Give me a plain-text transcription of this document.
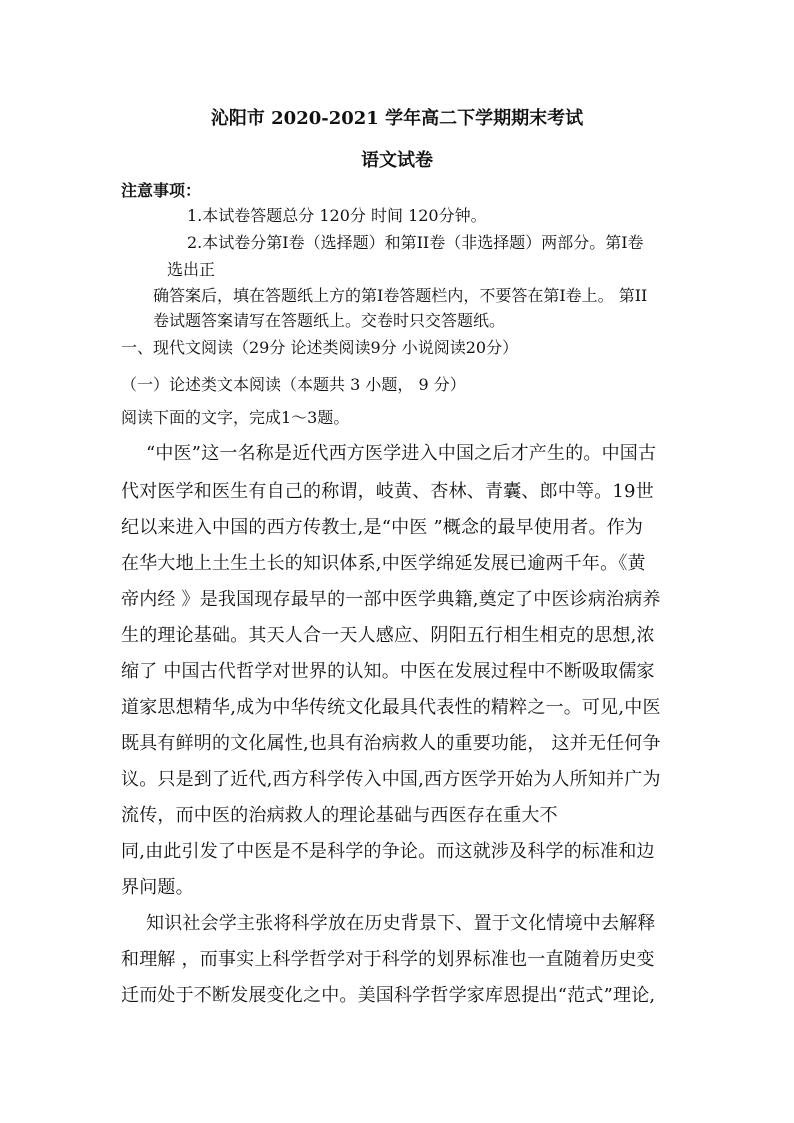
沁阳市 2020-2021 学年高二下学期期末考试
语文试卷
注意事项：
1.本试卷答题总分 120分 时间 120分钟。
2.本试卷分第Ⅰ卷（选择题）和第II卷（非选择题）两部分。第Ⅰ卷
选出正
确答案后，填在答题纸上方的第Ⅰ卷答题栏内，不要答在第Ⅰ卷上。 第II
卷试题答案请写在答题纸上。交卷时只交答题纸。
一、现代文阅读（29分 论述类阅读9分 小说阅读20分）
（一）论述类文本阅读（本题共 3 小题， 9 分）
阅读下面的文字，完成1～3题。
“中医”这一名称是近代西方医学进入中国之后才产生的。中国古
代对医学和医生有自己的称谓，岐黄、杏林、青囊、郎中等。19世
纪以来进入中国的西方传教士,是“中医 ”概念的最早使用者。作为
在华大地上土生土长的知识体系,中医学绵延发展已逾两千年。《黄
帝内经 》是我国现存最早的一部中医学典籍,奠定了中医诊病治病养
生的理论基础。其天人合一天人感应、阴阳五行相生相克的思想,浓
缩了 中国古代哲学对世界的认知。中医在发展过程中不断吸取儒家
道家思想精华,成为中华传统文化最具代表性的精粹之一。可见,中医
既具有鲜明的文化属性,也具有治病救人的重要功能， 这并无任何争
议。只是到了近代,西方科学传入中国,西方医学开始为人所知并广为
流传，而中医的治病救人的理论基础与西医存在重大不
同,由此引发了中医是不是科学的争论。而这就涉及科学的标准和边
界问题。
知识社会学主张将科学放在历史背景下、置于文化情境中去解释
和理解 ，而事实上科学哲学对于科学的划界标准也一直随着历史变
迁而处于不断发展变化之中。美国科学哲学家库恩提出“范式”理论,
